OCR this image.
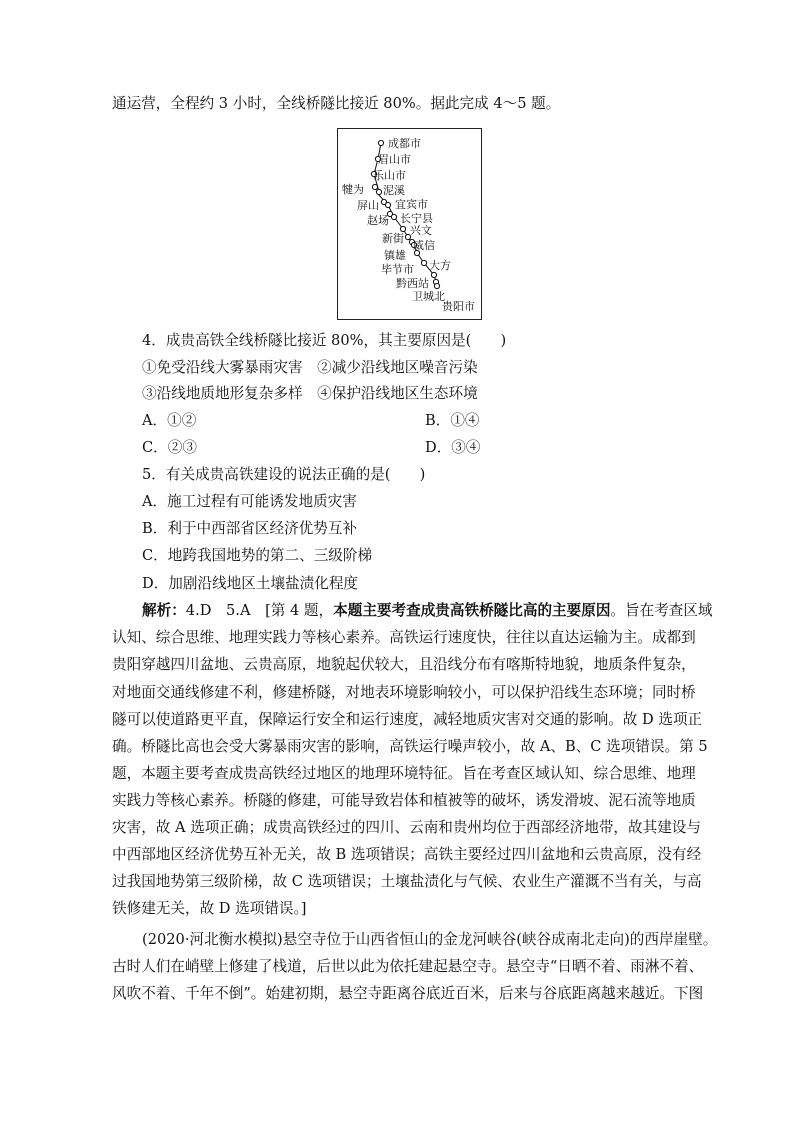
通运营，全程约 3 小时，全线桥隧比接近 80%。据此完成 4～5 题。
成都市
眉山市
乐山市
犍为 泥溪
屏山 宜宾市
赵场 长宁县
兴文
新街
威信
镇雄
大方
毕节市
黔西站
卫城北
贵阳市
4．成贵高铁全线桥隧比接近 80%，其主要原因是(　　)
①免受沿线大雾暴雨灾害　②减少沿线地区噪音污染
③沿线地质地形复杂多样　④保护沿线地区生态环境
A．①②	B．①④
C．②③	D．③④
5．有关成贵高铁建设的说法正确的是(　　)
A．施工过程有可能诱发地质灾害
B．利于中西部省区经济优势互补
C．地跨我国地势的第二、三级阶梯
D．加剧沿线地区土壤盐渍化程度
解析：4.D　5.A　[第 4 题，本题主要考查成贵高铁桥隧比高的主要原因。旨在考查区域
认知、综合思维、地理实践力等核心素养。高铁运行速度快，往往以直达运输为主。成都到
贵阳穿越四川盆地、云贵高原，地貌起伏较大，且沿线分布有喀斯特地貌，地质条件复杂，
对地面交通线修建不利，修建桥隧，对地表环境影响较小，可以保护沿线生态环境；同时桥
隧可以使道路更平直，保障运行安全和运行速度，减轻地质灾害对交通的影响。故 D 选项正
确。桥隧比高也会受大雾暴雨灾害的影响，高铁运行噪声较小，故 A、B、C 选项错误。第 5
题，本题主要考查成贵高铁经过地区的地理环境特征。旨在考查区域认知、综合思维、地理
实践力等核心素养。桥隧的修建，可能导致岩体和植被等的破坏，诱发滑坡、泥石流等地质
灾害，故 A 选项正确；成贵高铁经过的四川、云南和贵州均位于西部经济地带，故其建设与
中西部地区经济优势互补无关，故 B 选项错误；高铁主要经过四川盆地和云贵高原，没有经
过我国地势第三级阶梯，故 C 选项错误；土壤盐渍化与气候、农业生产灌溉不当有关，与高
铁修建无关，故 D 选项错误。]
(2020·河北衡水模拟)悬空寺位于山西省恒山的金龙河峡谷(峡谷成南北走向)的西岸崖壁。
古时人们在峭壁上修建了栈道，后世以此为依托建起悬空寺。悬空寺“日晒不着、雨淋不着、
风吹不着、千年不倒”。始建初期，悬空寺距离谷底近百米，后来与谷底距离越来越近。下图
